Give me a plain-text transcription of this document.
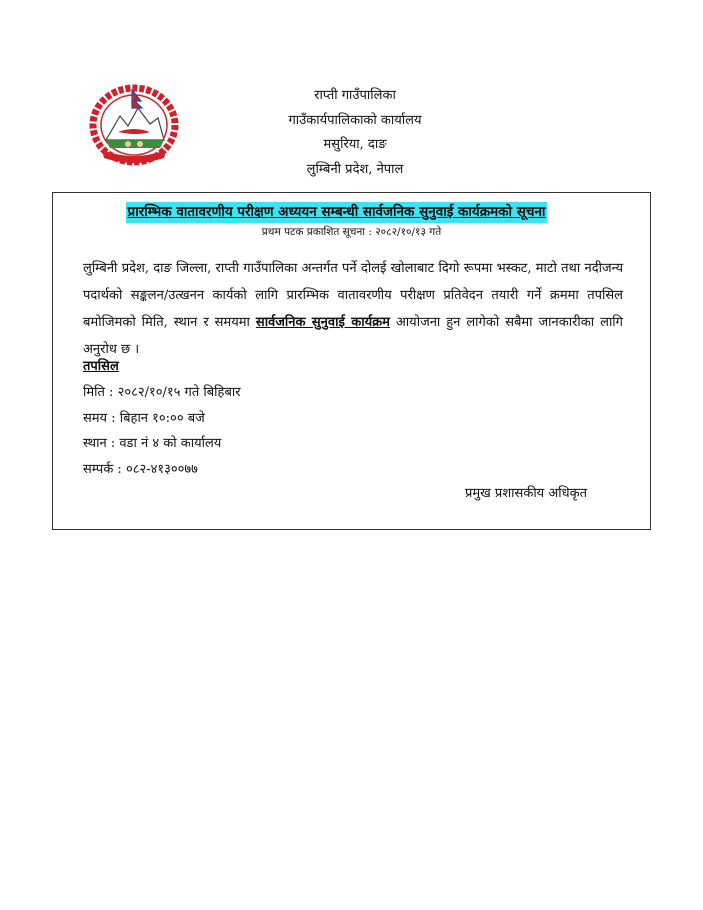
राप्ती गाउँपालिका
गाउँकार्यपालिकाको कार्यालय
मसुरिया, दाङ
लुम्बिनी प्रदेश, नेपाल
प्रारम्भिक वातावरणीय परीक्षण अध्ययन सम्बन्धी सार्वजनिक सुनुवाई कार्यक्रमको सूचना
प्रथम पटक प्रकाशित सूचना : २०८२/१०/१३ गते
लुम्बिनी प्रदेश, दाङ जिल्ला, राप्ती गाउँपालिका अन्तर्गत पर्ने दोलई खोलाबाट दिगो रूपमा भस्कट, माटो तथा नदीजन्य पदार्थको सङ्कलन/उत्खनन कार्यको लागि प्रारम्भिक वातावरणीय परीक्षण प्रतिवेदन तयारी गर्ने क्रममा तपसिल बमोजिमको मिति, स्थान र समयमा सार्वजनिक सुनुवाई कार्यक्रम आयोजना हुन लागेको सबैमा जानकारीका लागि अनुरोध छ ।
तपसिल
मिति : २०८२/१०/१५ गते बिहिबार
समय : बिहान १०:०० बजे
स्थान : वडा नं ४ को कार्यालय
सम्पर्क : ०८२-४१३००७७
प्रमुख प्रशासकीय अधिकृत
